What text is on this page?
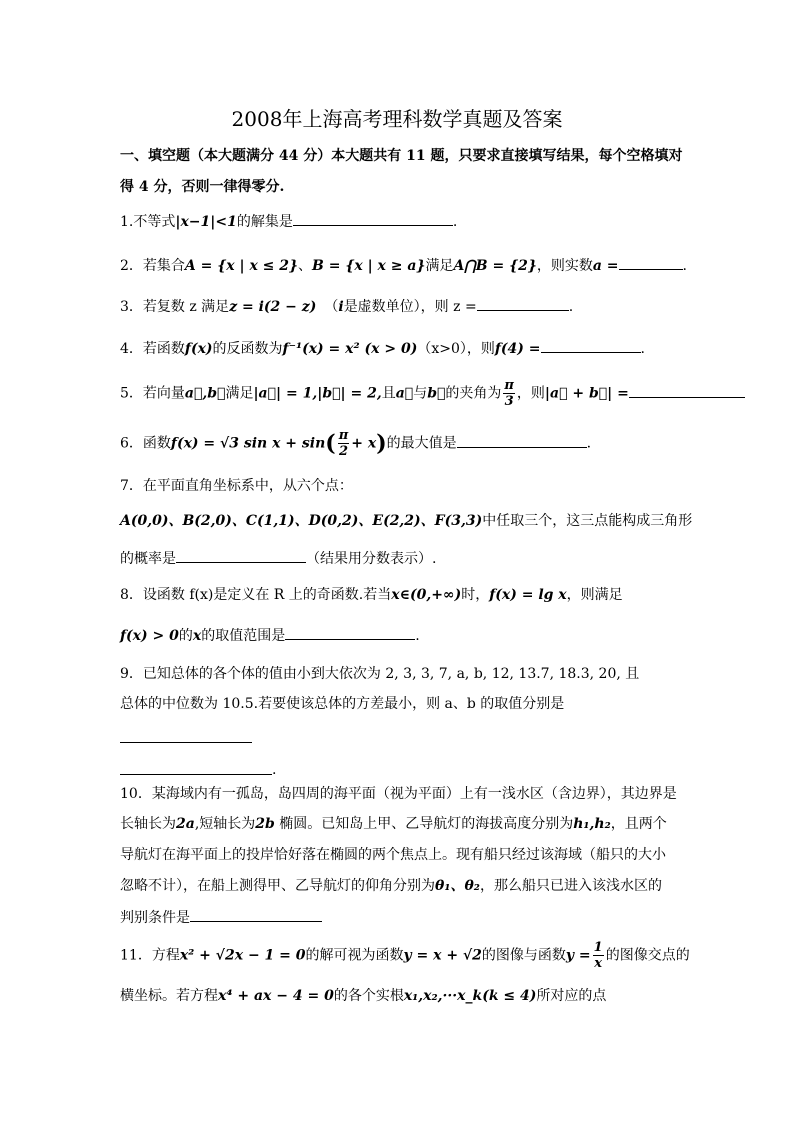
2008年上海高考理科数学真题及答案
一、填空题（本大题满分 44 分）本大题共有 11 题，只要求直接填写结果，每个空格填对
得 4 分，否则一律得零分.
1.不等式|x−1|<1的解集是	.
2．若集合A = {x | x ≤ 2}、B = {x | x ≥ a}满足A⋂B = {2}，则实数a =	.
3．若复数 z 满足z = i(2 − z) （i是虚数单位），则 z =	.
4．若函数f(x)的反函数为f⁻¹(x) = x² (x > 0)（x>0），则f(4) =	.
5．若向量a⃗,b⃗满足|a⃗| = 1,|b⃗| = 2,且a⃗与b⃗的夹角为 $\frac{\pi}{3}$ ，则|a⃗ + b⃗| =
6．函数f(x) = √3 $\sin x + \sin( \frac{\pi}{2} + x)$的最大值是	.
7．在平面直角坐标系中，从六个点：
A(0,0)、B(2,0)、C(1,1)、D(0,2)、E(2,2)、F(3,3)中任取三个，这三点能构成三角形
的概率是	（结果用分数表示）.
8．设函数 f(x)是定义在 R 上的奇函数.若当x∈(0,+∞)时，f(x) = lg x，则满足
f(x) > 0的x的取值范围是	.
9．已知总体的各个体的值由小到大依次为 2, 3, 3, 7, a, b, 12, 13.7, 18.3, 20, 且
总体的中位数为 10.5.若要使该总体的方差最小，则 a、b 的取值分别是
.
10．某海域内有一孤岛，岛四周的海平面（视为平面）上有一浅水区（含边界），其边界是
长轴长为2a,短轴长为2b 椭圆。已知岛上甲、乙导航灯的海拔高度分别为h₁,h₂，且两个
导航灯在海平面上的投岸恰好落在椭圆的两个焦点上。现有船只经过该海域（船只的大小
忽略不计），在船上测得甲、乙导航灯的仰角分别为θ₁、θ₂，那么船只已进入该浅水区的
判别条件是
11．方程x² + √2x − 1 = 0的解可视为函数y = x + √2的图像与函数$y = \frac{1}{x}$ 的图像交点的
横坐标。若方程x⁴ + ax − 4 = 0的各个实根x₁,x₂,···x_k(k ≤ 4)所对应的点
